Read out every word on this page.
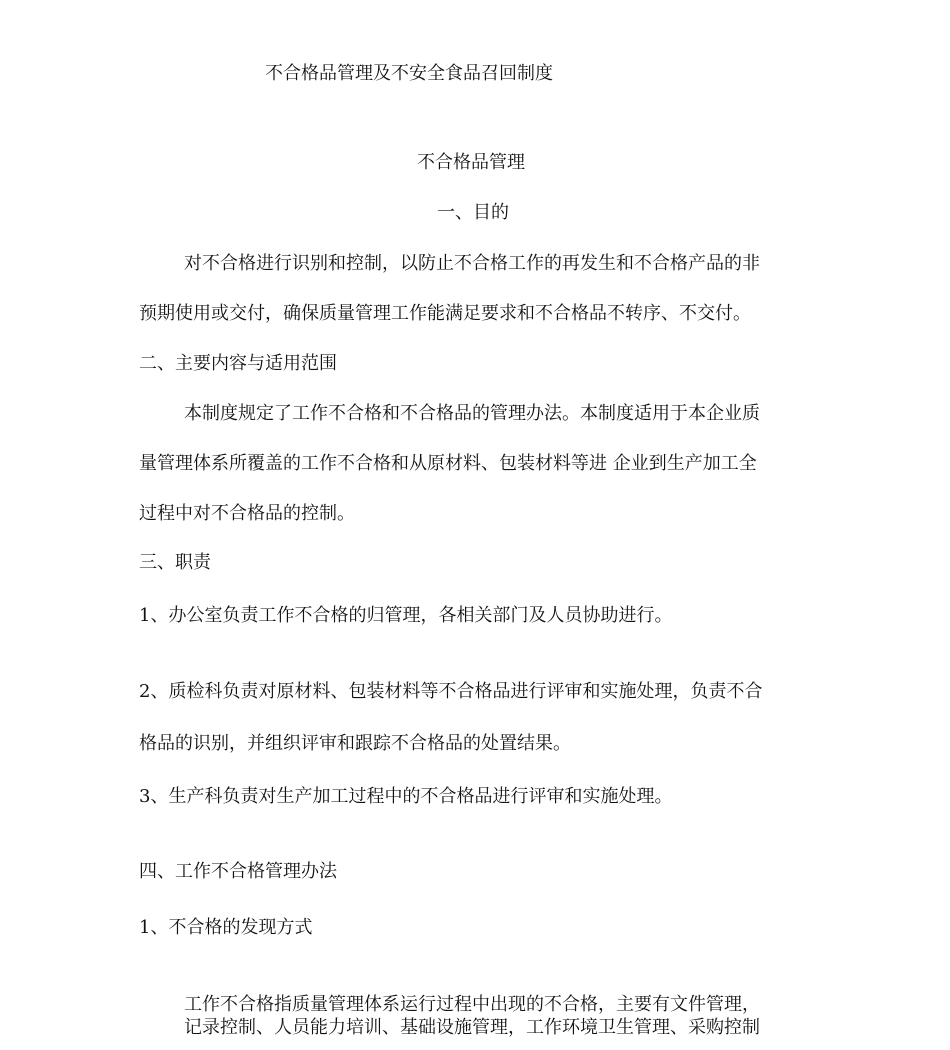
不合格品管理及不安全食品召回制度
不合格品管理
一、目的
对不合格进行识别和控制，以防止不合格工作的再发生和不合格产品的非
预期使用或交付，确保质量管理工作能满足要求和不合格品不转序、不交付。
二、主要内容与适用范围
本制度规定了工作不合格和不合格品的管理办法。本制度适用于本企业质
量管理体系所覆盖的工作不合格和从原材料、包装材料等进 企业到生产加工全
过程中对不合格品的控制。
三、职责
1、办公室负责工作不合格的归管理，各相关部门及人员协助进行。
2、质检科负责对原材料、包装材料等不合格品进行评审和实施处理，负责不合
格品的识别，并组织评审和跟踪不合格品的处置结果。
3、生产科负责对生产加工过程中的不合格品进行评审和实施处理。
四、工作不合格管理办法
1、不合格的发现方式
工作不合格指质量管理体系运行过程中出现的不合格，主要有文件管理，
记录控制、人员能力培训、基础设施管理，工作环境卫生管理、采购控制
